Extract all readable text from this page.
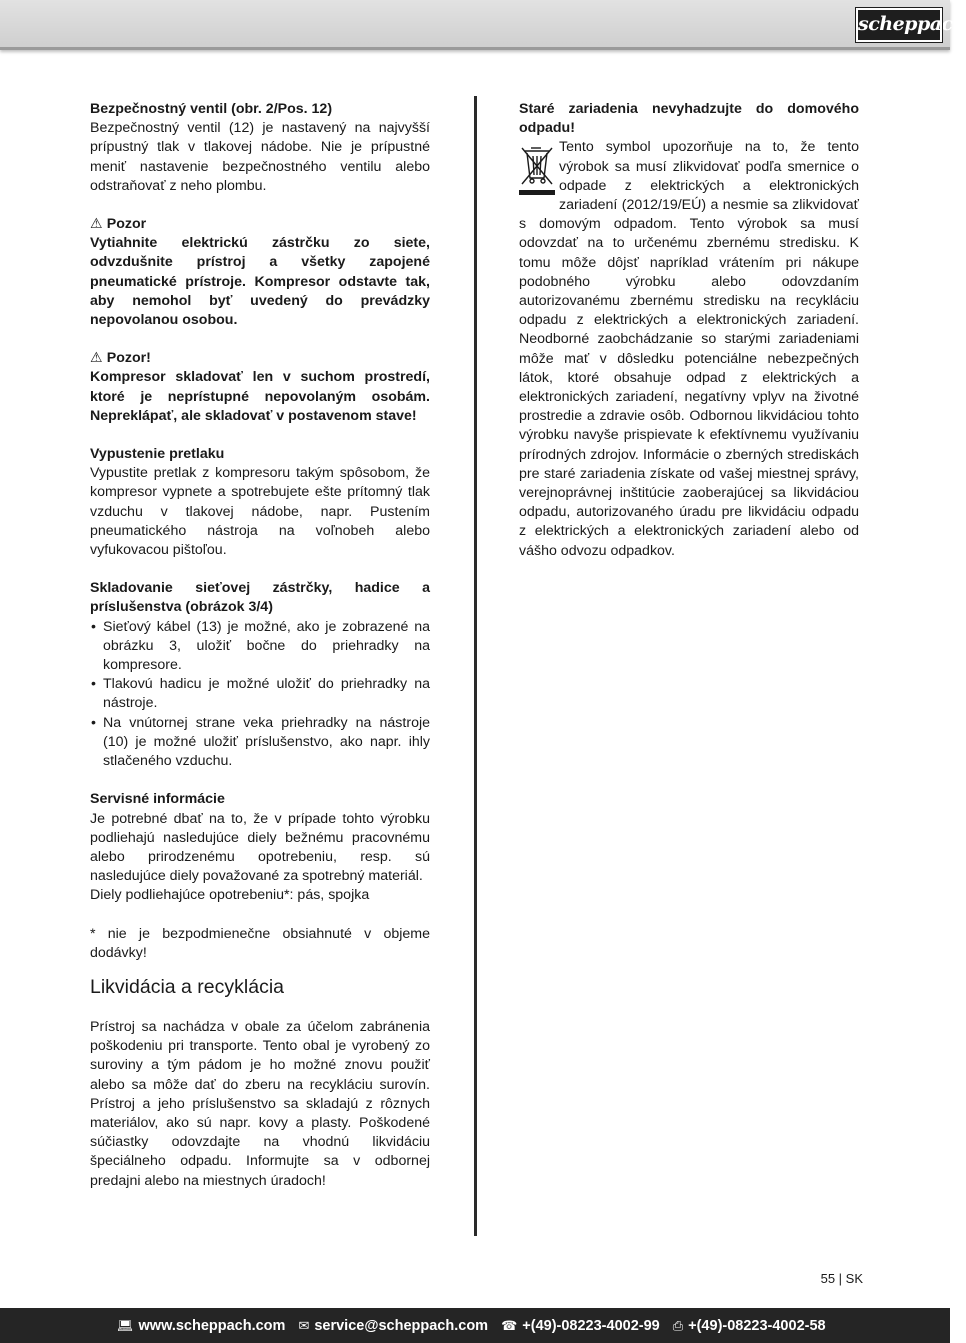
scheppach

Bezpečnostný ventil (obr. 2/Pos. 12)

Bezpečnostný ventil (12) je nastavený na najvyšší prípustný tlak v tlakovej nádobe. Nie je prípustné meniť nastavenie bezpečnostného ventilu alebo odstraňovať z neho plombu.

⚠ Pozor

Vytiahnite elektrickú zástrčku zo siete, odvzdušnite prístroj a všetky zapojené pneumatické prístroje. Kompresor odstavte tak, aby nemohol byť uvedený do prevádzky nepovolanou osobou.

⚠ Pozor!

Kompresor skladovať len v suchom prostredí, ktoré je neprístupné nepovolaným osobám. Nepreklápať, ale skladovať v postavenom stave!

Vypustenie pretlaku

Vypustite pretlak z kompresoru takým spôsobom, že kompresor vypnete a spotrebujete ešte prítomný tlak vzduchu v tlakovej nádobe, napr. Pustením pneumatického nástroja na voľnobeh alebo vyfukovacou pištoľou.

Skladovanie sieťovej zástrčky, hadice a príslušenstva (obrázok 3/4)

• Sieťový kábel (13) je možné, ako je zobrazené na obrázku 3, uložiť bočne do priehradky na kompresore.
• Tlakovú hadicu je možné uložiť do priehradky na nástroje.
• Na vnútornej strane veka priehradky na nástroje (10) je možné uložiť príslušenstvo, ako napr. ihly stlačeného vzduchu.

Servisné informácie

Je potrebné dbať na to, že v prípade tohto výrobku podliehajú nasledujúce diely bežnému pracovnému alebo prirodzenému opotrebeniu, resp. sú nasledujúce diely považované za spotrebný materiál.

Diely podliehajúce opotrebeniu*: pás, spojka

* nie je bezpodmienečne obsiahnuté v objeme dodávky!

Likvidácia a recyklácia

Prístroj sa nachádza v obale za účelom zabránenia poškodeniu pri transporte. Tento obal je vyrobený zo suroviny a tým pádom je ho možné znovu použiť alebo sa môže dať do zberu na recykláciu surovín. Prístroj a jeho príslušenstvo sa skladajú z rôznych materiálov, ako sú napr. kovy a plasty. Poškodené súčiastky odovzdajte na vhodnú likvidáciu špeciálneho odpadu. Informujte sa v odbornej predajni alebo na miestnych úradoch!

Staré zariadenia nevyhadzujte do domového odpadu!

Tento symbol upozorňuje na to, že tento výrobok sa musí zlikvidovať podľa smernice o odpade z elektrických a elektronických zariadení (2012/19/EÚ) a nesmie sa zlikvidovať s domovým odpadom. Tento výrobok sa musí odovzdať na to určenému zbernému stredisku. K tomu môže dôjsť napríklad vrátením pri nákupe podobného výrobku alebo odovzdaním autorizovanému zbernému stredisku na recykláciu odpadu z elektrických a elektronických zariadení. Neodborné zaobchádzanie so starými zariadeniami môže mať v dôsledku potenciálne nebezpečných látok, ktoré obsahuje odpad z elektrických a elektronických zariadení, negatívny vplyv na životné prostredie a zdravie osôb. Odbornou likvidáciou tohto výrobku navyše prispievate k efektívnemu využívaniu prírodných zdrojov. Informácie o zberných strediskách pre staré zariadenia získate od vašej miestnej správy, verejnoprávnej inštitúcie zaoberajúcej sa likvidáciou odpadu, autorizovaného úradu pre likvidáciu odpadu z elektrických a elektronických zariadení alebo od vášho odvozu odpadkov.

55 | SK
💻︎ www.scheppach.com ✉ service@scheppach.com ☎ +(49)-08223-4002-99 ⎙ +(49)-08223-4002-58
